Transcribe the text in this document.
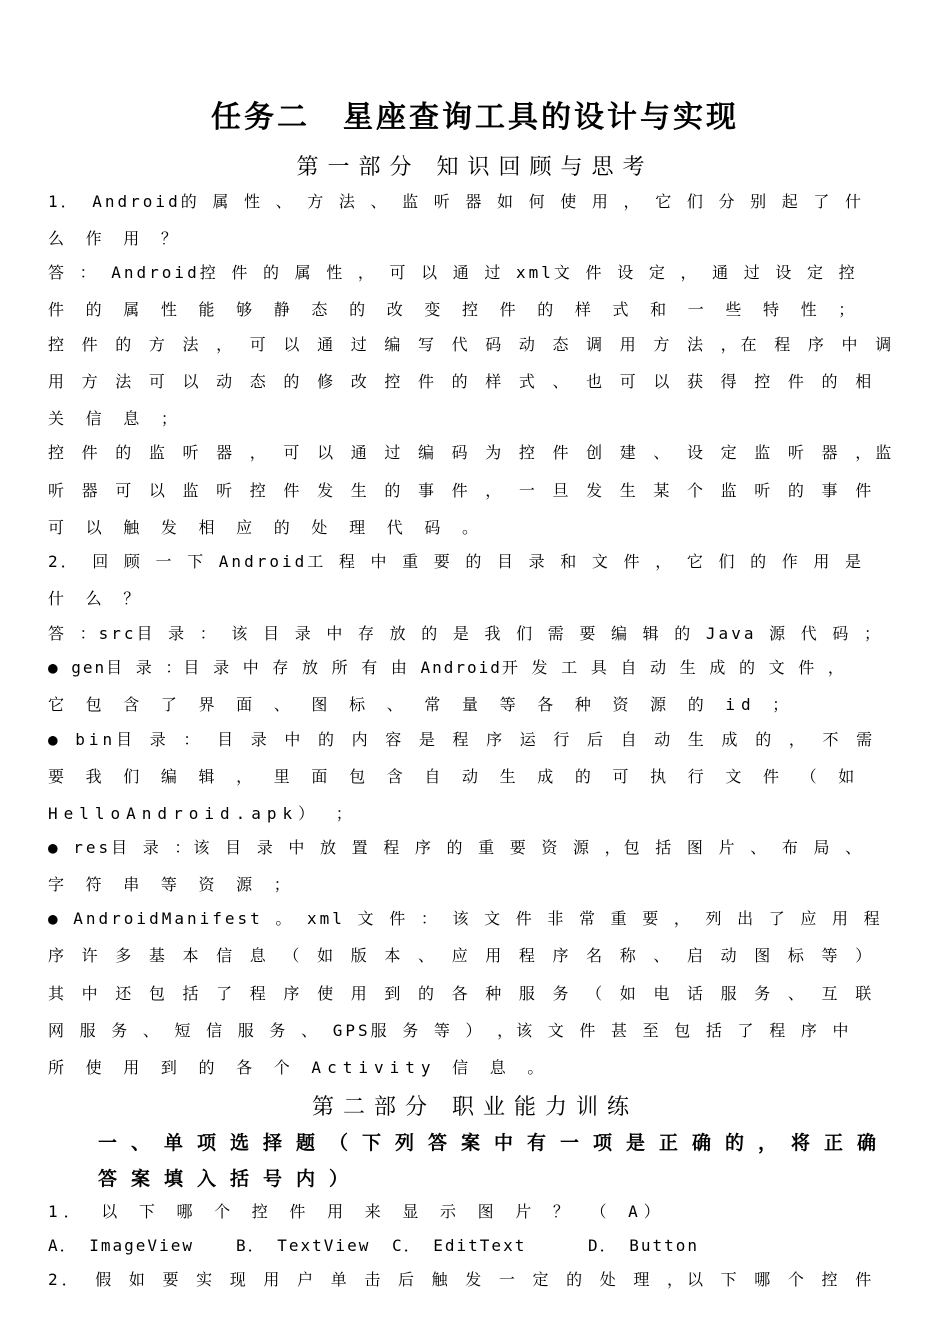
任务二　星座查询工具的设计与实现
第一部分 知识回顾与思考
1． Android的 属 性 、 方 法 、 监 听 器 如 何 使 用 ， 它 们 分 别 起 了 什
么 作 用 ？
答 ： Android控 件 的 属 性 ， 可 以 通 过 xml文 件 设 定 ， 通 过 设 定 控
件 的 属 性 能 够 静 态 的 改 变 控 件 的 样 式 和 一 些 特 性 ；
控 件 的 方 法 ， 可 以 通 过 编 写 代 码 动 态 调 用 方 法 ，在 程 序 中 调
用 方 法 可 以 动 态 的 修 改 控 件 的 样 式 、 也 可 以 获 得 控 件 的 相
关 信 息 ；
控 件 的 监 听 器 ， 可 以 通 过 编 码 为 控 件 创 建 、 设 定 监 听 器 ，监
听 器 可 以 监 听 控 件 发 生 的 事 件 ， 一 旦 发 生 某 个 监 听 的 事 件
可 以 触 发 相 应 的 处 理 代 码 。
2． 回 顾 一 下 Android工 程 中 重 要 的 目 录 和 文 件 ， 它 们 的 作 用 是
什 么 ？
答 ：src目 录 ： 该 目 录 中 存 放 的 是 我 们 需 要 编 辑 的 Java 源 代 码 ；
● gen目 录 ：目 录 中 存 放 所 有 由 Android开 发 工 具 自 动 生 成 的 文 件 ，
它 包 含 了 界 面 、 图 标 、 常 量 等 各 种 资 源 的 id ；
● bin目 录 ： 目 录 中 的 内 容 是 程 序 运 行 后 自 动 生 成 的 ， 不 需
要 我 们 编 辑 ， 里 面 包 含 自 动 生 成 的 可 执 行 文 件 （ 如
HelloAndroid.apk） ；
● res目 录 ：该 目 录 中 放 置 程 序 的 重 要 资 源 ，包 括 图 片 、 布 局 、
字 符 串 等 资 源 ；
● AndroidManifest 。 xml 文 件 ： 该 文 件 非 常 重 要 ， 列 出 了 应 用 程
序 许 多 基 本 信 息 （ 如 版 本 、 应 用 程 序 名 称 、 启 动 图 标 等 ）
其 中 还 包 括 了 程 序 使 用 到 的 各 种 服 务 （ 如 电 话 服 务 、 互 联
网 服 务 、 短 信 服 务 、 GPS服 务 等 ） ，该 文 件 甚 至 包 括 了 程 序 中
所 使 用 到 的 各 个 Activity 信 息 。
第二部分 职业能力训练
一、单项选择题（下列答案中有一项是正确的，将正确
答案填入括号内）
1． 以 下 哪 个 控 件 用 来 显 示 图 片 ？ （ A）
A． ImageView	B． TextView C． EditText	D． Button
2． 假 如 要 实 现 用 户 单 击 后 触 发 一 定 的 处 理 ，以 下 哪 个 控 件
